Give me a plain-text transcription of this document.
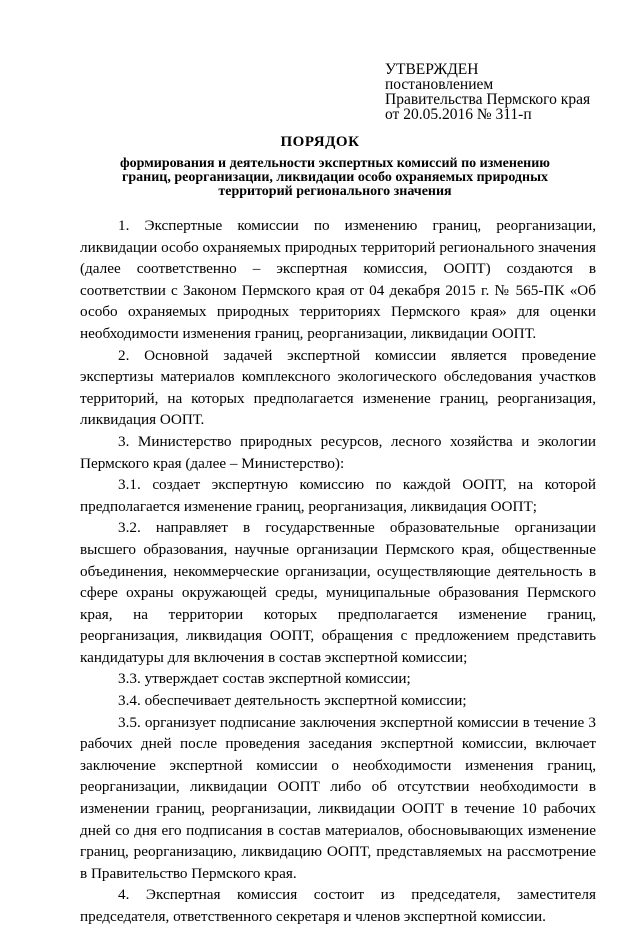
УТВЕРЖДЕН
постановлением
Правительства Пермского края
от 20.05.2016 № 311-п
ПОРЯДОК
формирования и деятельности экспертных комиссий по изменению границ, реорганизации, ликвидации особо охраняемых природных территорий регионального значения

1. Экспертные комиссии по изменению границ, реорганизации, ликвидации особо охраняемых природных территорий регионального значения (далее соответственно – экспертная комиссия, ООПТ) создаются в соответствии с Законом Пермского края от 04 декабря 2015 г. № 565-ПК «Об особо охраняемых природных территориях Пермского края» для оценки необходимости изменения границ, реорганизации, ликвидации ООПТ.

2. Основной задачей экспертной комиссии является проведение экспертизы материалов комплексного экологического обследования участков территорий, на которых предполагается изменение границ, реорганизация, ликвидация ООПТ.

3. Министерство природных ресурсов, лесного хозяйства и экологии Пермского края (далее – Министерство):

3.1. создает экспертную комиссию по каждой ООПТ, на которой предполагается изменение границ, реорганизация, ликвидация ООПТ;

3.2. направляет в государственные образовательные организации высшего образования, научные организации Пермского края, общественные объединения, некоммерческие организации, осуществляющие деятельность в сфере охраны окружающей среды, муниципальные образования Пермского края, на территории которых предполагается изменение границ, реорганизация, ликвидация ООПТ, обращения с предложением представить кандидатуры для включения в состав экспертной комиссии;

3.3. утверждает состав экспертной комиссии;

3.4. обеспечивает деятельность экспертной комиссии;

3.5. организует подписание заключения экспертной комиссии в течение 3 рабочих дней после проведения заседания экспертной комиссии, включает заключение экспертной комиссии о необходимости изменения границ, реорганизации, ликвидации ООПТ либо об отсутствии необходимости в изменении границ, реорганизации, ликвидации ООПТ в течение 10 рабочих дней со дня его подписания в состав материалов, обосновывающих изменение границ, реорганизацию, ликвидацию ООПТ, представляемых на рассмотрение в Правительство Пермского края.

4. Экспертная комиссия состоит из председателя, заместителя председателя, ответственного секретаря и членов экспертной комиссии.
